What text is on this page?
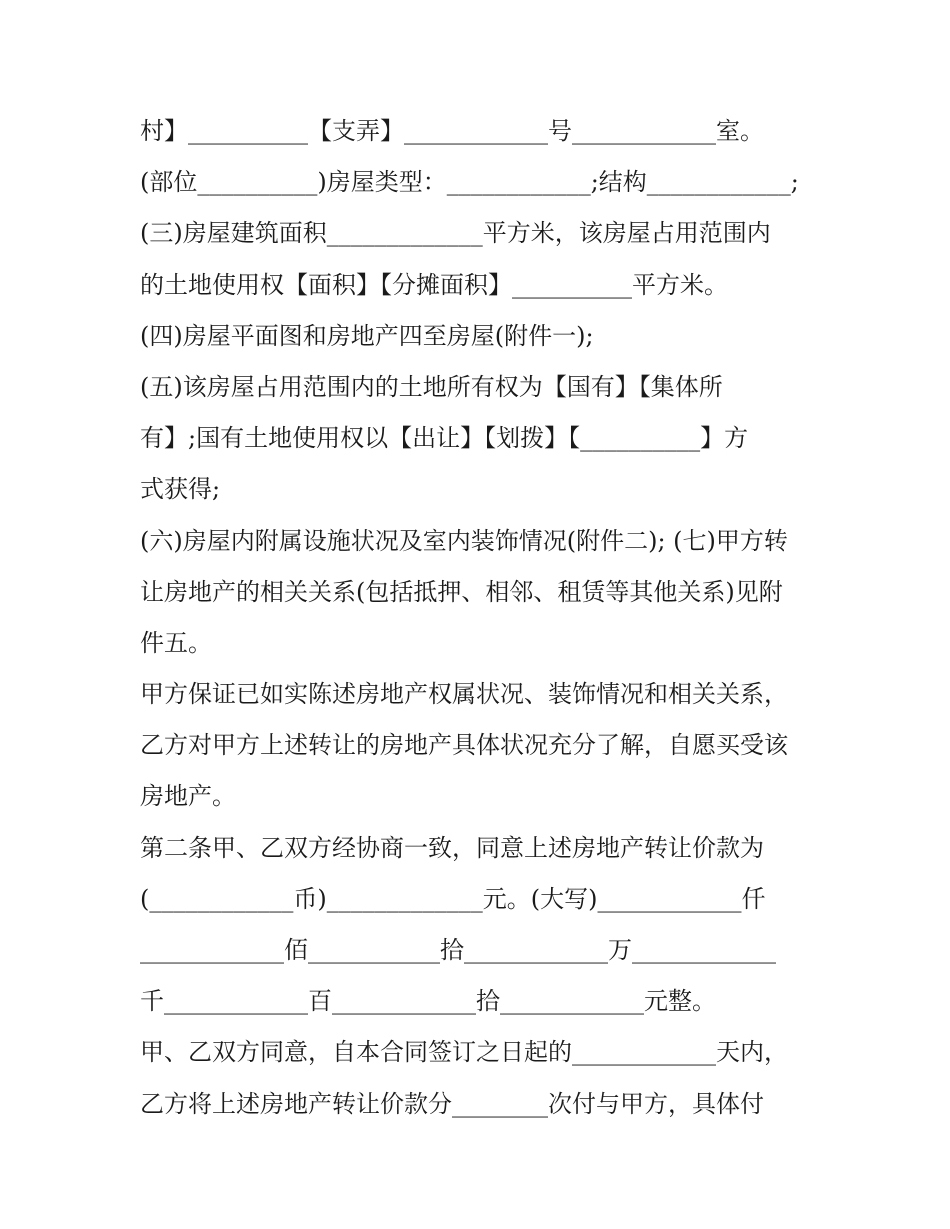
村】__________【支弄】____________号____________室。
(部位__________)房屋类型：____________;结构____________;
(三)房屋建筑面积_____________平方米，该房屋占用范围内
的土地使用权【面积】【分摊面积】__________平方米。
(四)房屋平面图和房地产四至房屋(附件一);
(五)该房屋占用范围内的土地所有权为【国有】【集体所
有】;国有土地使用权以【出让】【划拨】【__________】方
式获得;
(六)房屋内附属设施状况及室内装饰情况(附件二); (七)甲方转
让房地产的相关关系(包括抵押、相邻、租赁等其他关系)见附
件五。
甲方保证已如实陈述房地产权属状况、装饰情况和相关关系，
乙方对甲方上述转让的房地产具体状况充分了解，自愿买受该
房地产。
第二条甲、乙双方经协商一致，同意上述房地产转让价款为
(____________币)_____________元。(大写)____________仟
____________佰___________拾____________万____________
千____________百____________拾____________元整。
甲、乙双方同意，自本合同签订之日起的____________天内，
乙方将上述房地产转让价款分________次付与甲方，具体付
